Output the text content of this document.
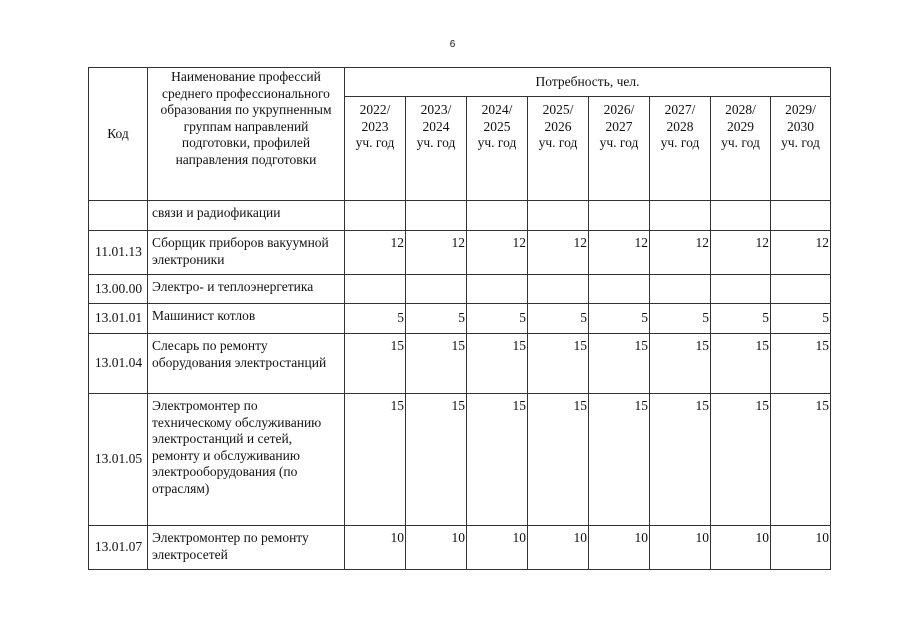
6
Код	Наименование профессий среднего профессионального образования по укрупненным группам направлений подготовки, профилей направления подготовки	Потребность, чел.							
		2022/
2023
уч. год	2023/
2024
уч. год	2024/
2025
уч. год	2025/
2026
уч. год	2026/
2027
уч. год	2027/
2028
уч. год	2028/
2029
уч. год	2029/
2030
уч. год
	связи и радиофикации								
11.01.13	Сборщик приборов вакуумной электроники	12	12	12	12	12	12	12	12
13.00.00	Электро- и теплоэнергетика								
13.01.01	Машинист котлов	5	5	5	5	5	5	5	5
13.01.04	Слесарь по ремонту оборудования электростанций	15	15	15	15	15	15	15	15
13.01.05	Электромонтер по техническому обслуживанию электростанций и сетей, ремонту и обслуживанию электрооборудования (по отраслям)	15	15	15	15	15	15	15	15
13.01.07	Электромонтер по ремонту электросетей	10	10	10	10	10	10	10	10
